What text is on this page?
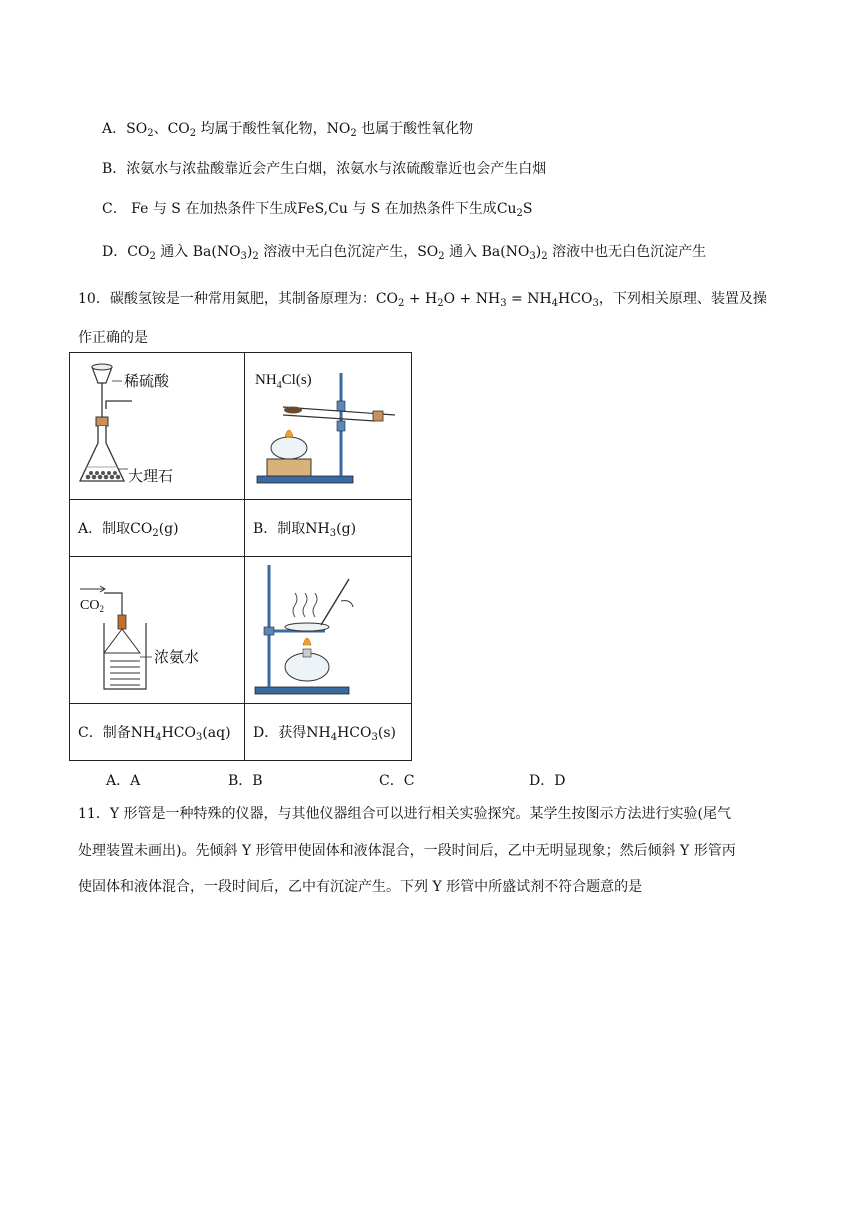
A．$SO_2$、$CO_2$ 均属于酸性氧化物，$NO_2$ 也属于酸性氧化物
B．浓氨水与浓盐酸靠近会产生白烟，浓氨水与浓硫酸靠近也会产生白烟
C． Fe 与 S 在加热条件下生成FeS,Cu 与 S 在加热条件下生成$Cu_2S$
D．$CO_2$ 通入 $Ba(NO_3)_2$ 溶液中无白色沉淀产生，$SO_2$ 通入 $Ba(NO_3)_2$ 溶液中也无白色沉淀产生
10．碳酸氢铵是一种常用氮肥，其制备原理为：$CO_2 + H_2O + NH_3 = NH_4HCO_3$，下列相关原理、装置及操
作正确的是
稀硫酸
大理石	$NH_4Cl(s)$

A．制取$CO_2(g)$	B．制取$NH_3(g)$

$CO_2$
浓氨水

C．制备$NH_4HCO_3(aq)$	D．获得$NH_4HCO_3(s)$
A．A	B．B	C．C	D．D
11．Y 形管是一种特殊的仪器，与其他仪器组合可以进行相关实验探究。某学生按图示方法进行实验(尾气
处理装置未画出)。先倾斜 Y 形管甲使固体和液体混合，一段时间后，乙中无明显现象；然后倾斜 Y 形管丙
使固体和液体混合，一段时间后，乙中有沉淀产生。下列 Y 形管中所盛试剂不符合题意的是
